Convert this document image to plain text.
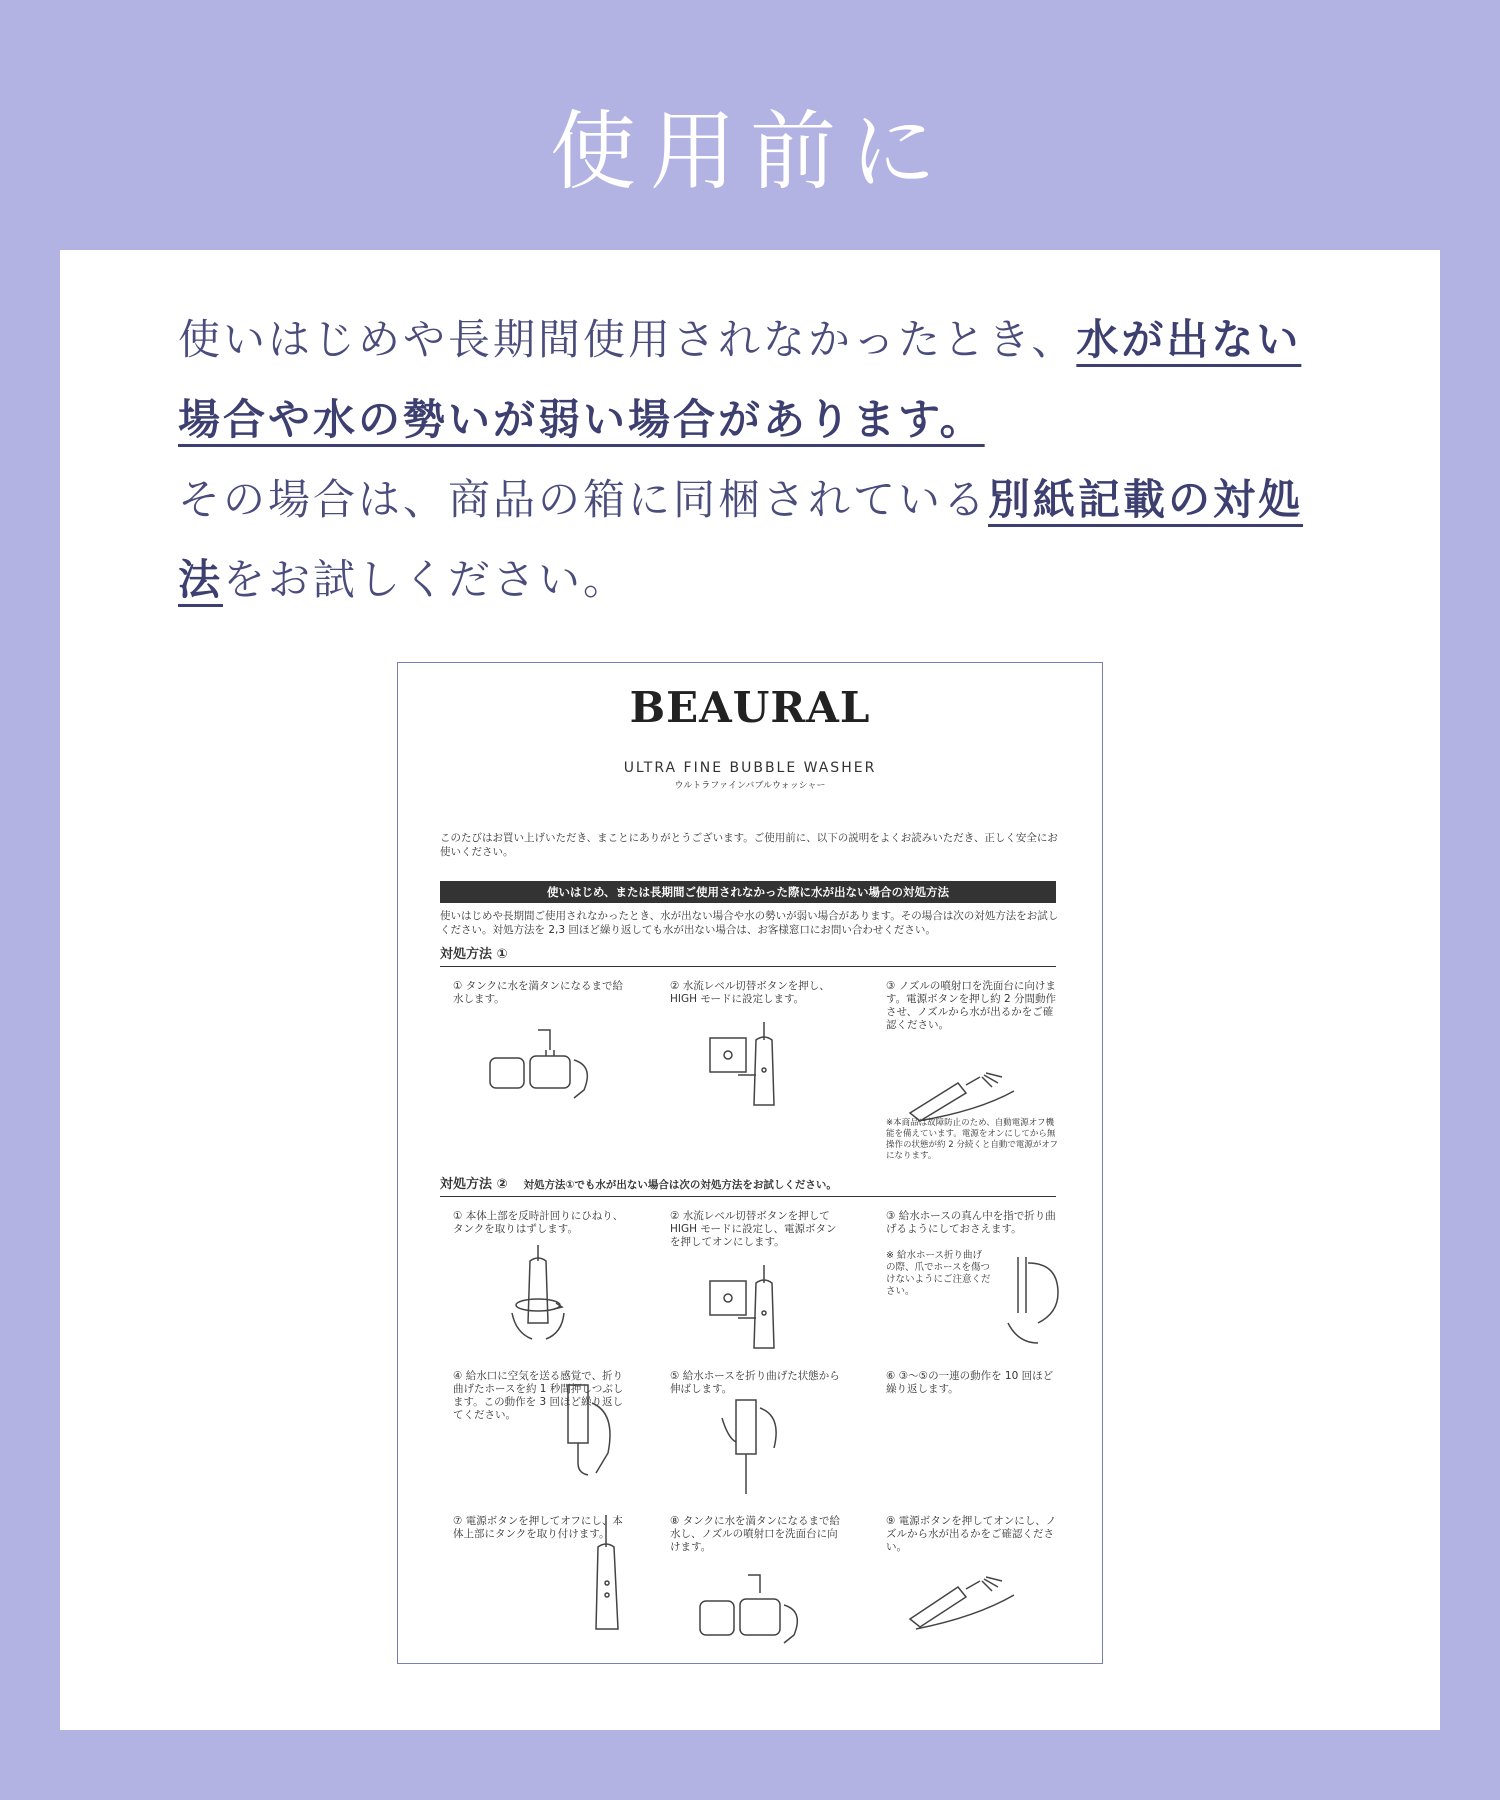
使用前に

使いはじめや長期間使用されなかったとき、水が出ない場合や水の勢いが弱い場合があります。
その場合は、商品の箱に同梱されている別紙記載の対処法をお試しください。

BEAURAL
ULTRA FINE BUBBLE WASHER
ウルトラファインバブルウォッシャー
このたびはお買い上げいただき、まことにありがとうございます。ご使用前に、以下の説明をよくお読みいただき、正しく安全にお使いください。
使いはじめ、または長期間ご使用されなかった際に水が出ない場合の対処方法
使いはじめや長期間ご使用されなかったとき、水が出ない場合や水の勢いが弱い場合があります。その場合は次の対処方法をお試しください。対処方法を 2,3 回ほど繰り返しても水が出ない場合は、お客様窓口にお問い合わせください。
対処方法 ①
① タンクに水を満タンになるまで給水します。
② 水流レベル切替ボタンを押し、HIGH モードに設定します。
③ ノズルの噴射口を洗面台に向けます。電源ボタンを押し約 2 分間動作させ、ノズルから水が出るかをご確認ください。
※本商品は故障防止のため、自動電源オフ機能を備えています。電源をオンにしてから無操作の状態が約 2 分続くと自動で電源がオフになります。
対処方法 ② 対処方法①でも水が出ない場合は次の対処方法をお試しください。
① 本体上部を反時計回りにひねり、タンクを取りはずします。
② 水流レベル切替ボタンを押して HIGH モードに設定し、電源ボタンを押してオンにします。
③ 給水ホースの真ん中を指で折り曲げるようにしておさえます。
※ 給水ホース折り曲げの際、爪でホースを傷つけないようにご注意ください。
④ 給水口に空気を送る感覚で、折り曲げたホースを約 1 秒間押しつぶします。この動作を 3 回ほど繰り返してください。
⑤ 給水ホースを折り曲げた状態から伸ばします。
⑥ ③～⑤の一連の動作を 10 回ほど繰り返します。
⑦ 電源ボタンを押してオフにし、本体上部にタンクを取り付けます。
⑧ タンクに水を満タンになるまで給水し、ノズルの噴射口を洗面台に向けます。
⑨ 電源ボタンを押してオンにし、ノズルから水が出るかをご確認ください。
